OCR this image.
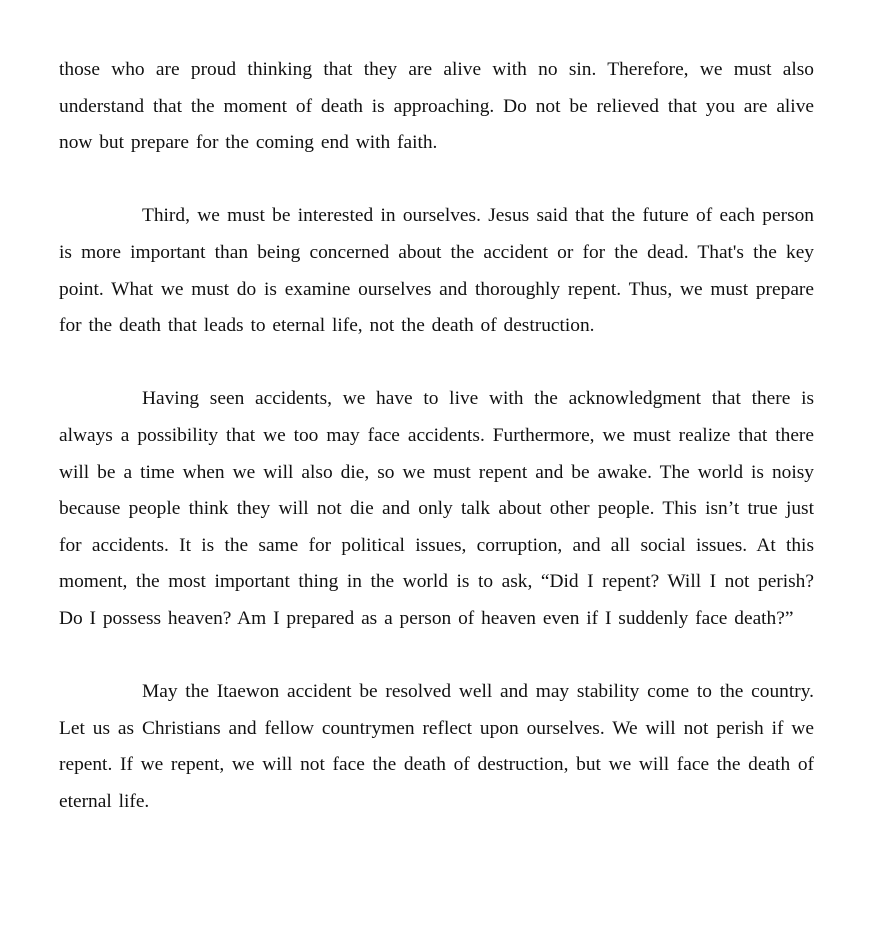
those who are proud thinking that they are alive with no sin. Therefore, we must also understand that the moment of death is approaching. Do not be relieved that you are alive now but prepare for the coming end with faith.

Third, we must be interested in ourselves. Jesus said that the future of each person is more important than being concerned about the accident or for the dead. That's the key point. What we must do is examine ourselves and thoroughly repent. Thus, we must prepare for the death that leads to eternal life, not the death of destruction.

Having seen accidents, we have to live with the acknowledgment that there is always a possibility that we too may face accidents. Furthermore, we must realize that there will be a time when we will also die, so we must repent and be awake. The world is noisy because people think they will not die and only talk about other people. This isn’t true just for accidents. It is the same for political issues, corruption, and all social issues. At this moment, the most important thing in the world is to ask, “Did I repent? Will I not perish? Do I possess heaven? Am I prepared as a person of heaven even if I suddenly face death?”

May the Itaewon accident be resolved well and may stability come to the country. Let us as Christians and fellow countrymen reflect upon ourselves. We will not perish if we repent. If we repent, we will not face the death of destruction, but we will face the death of eternal life.
